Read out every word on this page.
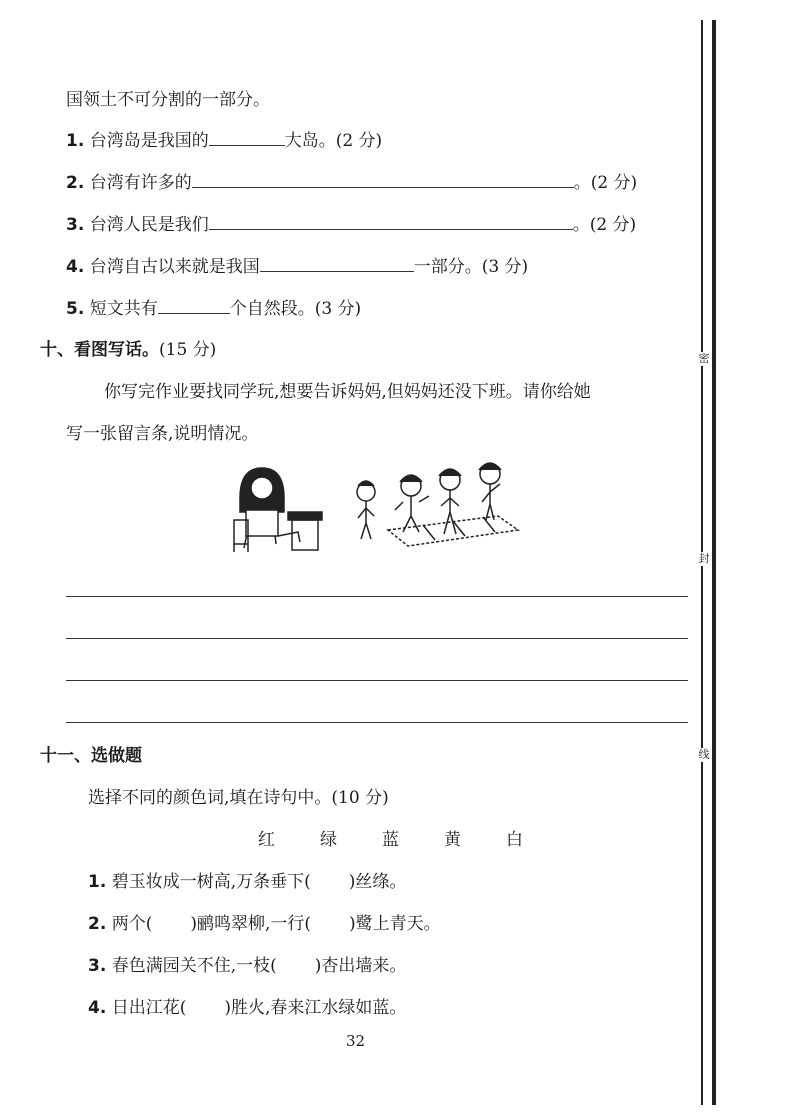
密
封
线
国领土不可分割的一部分。
1. 台湾岛是我国的	大岛。(2 分)
2. 台湾有许多的	。(2 分)
3. 台湾人民是我们	。(2 分)
4. 台湾自古以来就是我国	一部分。(3 分)
5. 短文共有	个自然段。(3 分)
十、看图写话。(15 分)
你写完作业要找同学玩,想要告诉妈妈,但妈妈还没下班。请你给她
写一张留言条,说明情况。
十一、选做题
选择不同的颜色词,填在诗句中。(10 分)
红	绿	蓝	黄	白
1. 碧玉妆成一树高,万条垂下( )丝绦。
2. 两个( )鹂鸣翠柳,一行( )鹭上青天。
3. 春色满园关不住,一枝( )杏出墙来。
4. 日出江花( )胜火,春来江水绿如蓝。
32
